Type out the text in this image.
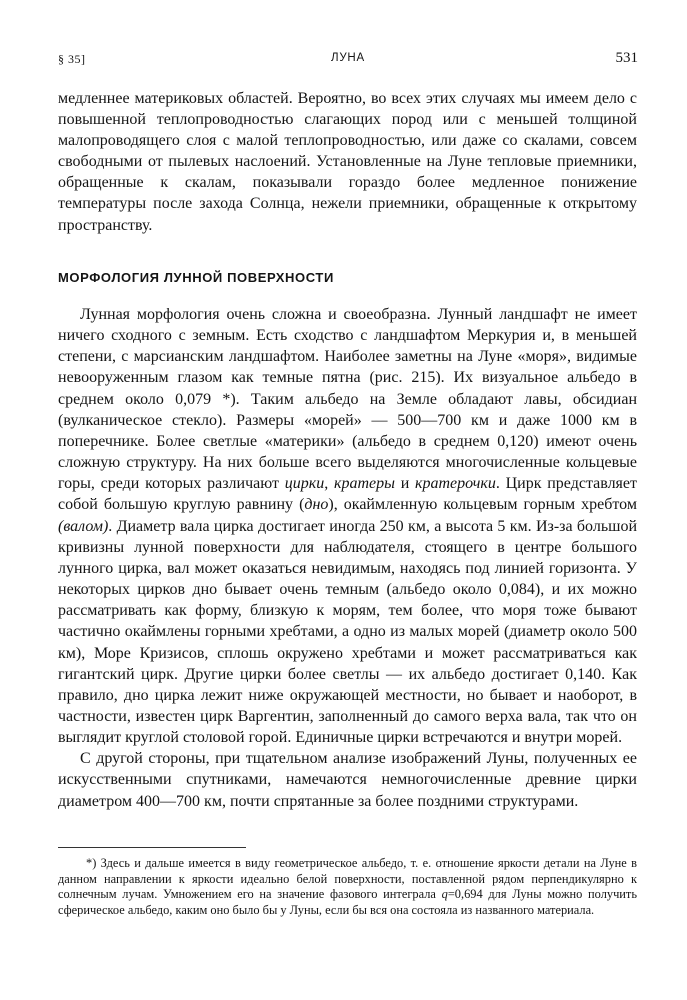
§ 35]	ЛУНА	531

медленнее материковых областей. Вероятно, во всех этих случаях мы имеем дело с повышенной теплопроводностью слагающих пород или с меньшей толщиной малопроводящего слоя с малой теплопроводностью, или даже со скалами, совсем свободными от пылевых наслоений. Установленные на Луне тепловые приемники, обращенные к скалам, показывали гораздо более медленное понижение температуры после захода Солнца, нежели приемники, обращенные к открытому пространству.

МОРФОЛОГИЯ ЛУННОЙ ПОВЕРХНОСТИ

Лунная морфология очень сложна и своеобразна. Лунный ландшафт не имеет ничего сходного с земным. Есть сходство с ландшафтом Меркурия и, в меньшей степени, с марсианским ландшафтом. Наиболее заметны на Луне «моря», видимые невооруженным глазом как темные пятна (рис. 215). Их визуальное альбедо в среднем около 0,079 *). Таким альбедо на Земле обладают лавы, обсидиан (вулканическое стекло). Размеры «морей» — 500—700 км и даже 1000 км в поперечнике. Более светлые «материки» (альбедо в среднем 0,120) имеют очень сложную структуру. На них больше всего выделяются многочисленные кольцевые горы, среди которых различают цирки, кратеры и кратерочки. Цирк представляет собой большую круглую равнину (дно), окаймленную кольцевым горным хребтом (валом). Диаметр вала цирка достигает иногда 250 км, а высота 5 км. Из-за большой кривизны лунной поверхности для наблюдателя, стоящего в центре большого лунного цирка, вал может оказаться невидимым, находясь под линией горизонта. У некоторых цирков дно бывает очень темным (альбедо около 0,084), и их можно рассматривать как форму, близкую к морям, тем более, что моря тоже бывают частично окаймлены горными хребтами, а одно из малых морей (диаметр около 500 км), Море Кризисов, сплошь окружено хребтами и может рассматриваться как гигантский цирк. Другие цирки более светлы — их альбедо достигает 0,140. Как правило, дно цирка лежит ниже окружающей местности, но бывает и наоборот, в частности, известен цирк Варгентин, заполненный до самого верха вала, так что он выглядит круглой столовой горой. Единичные цирки встречаются и внутри морей.

С другой стороны, при тщательном анализе изображений Луны, полученных ее искусственными спутниками, намечаются немногочисленные древние цирки диаметром 400—700 км, почти спрятанные за более поздними структурами.

*) Здесь и дальше имеется в виду геометрическое альбедо, т. е. отношение яркости детали на Луне в данном направлении к яркости идеально белой поверхности, поставленной рядом перпендикулярно к солнечным лучам. Умножением его на значение фазового интеграла q=0,694 для Луны можно получить сферическое альбедо, каким оно было бы у Луны, если бы вся она состояла из названного материала.
